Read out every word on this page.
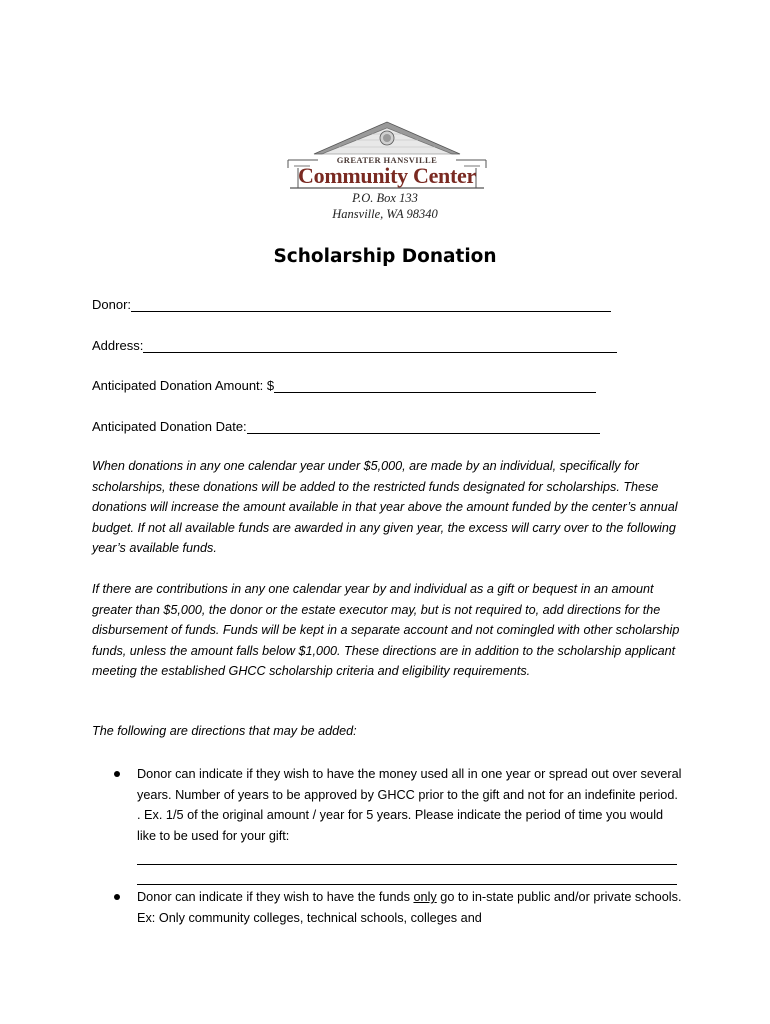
GREATER HANSVILLE
Community Center
P.O. Box 133
Hansville, WA 98340
Scholarship Donation
Donor:
Address:
Anticipated Donation Amount: $
Anticipated Donation Date:
When donations in any one calendar year under $5,000, are made by an individual, specifically for scholarships, these donations will be added to the restricted funds designated for scholarships. These donations will increase the amount available in that year above the amount funded by the center’s annual budget. If not all available funds are awarded in any given year, the excess will carry over to the following year’s available funds.
If there are contributions in any one calendar year by and individual as a gift or bequest in an amount greater than $5,000, the donor or the estate executor may, but is not required to, add directions for the disbursement of funds. Funds will be kept in a separate account and not comingled with other scholarship funds, unless the amount falls below $1,000. These directions are in addition to the scholarship applicant meeting the established GHCC scholarship criteria and eligibility requirements.
The following are directions that may be added:
Donor can indicate if they wish to have the money used all in one year or spread out over several years. Number of years to be approved by GHCC prior to the gift and not for an indefinite period. . Ex. 1/5 of the original amount / year for 5 years. Please indicate the period of time you would like to be used for your gift:
Donor can indicate if they wish to have the funds only go to in-state public and/or private schools. Ex: Only community colleges, technical schools, colleges and
